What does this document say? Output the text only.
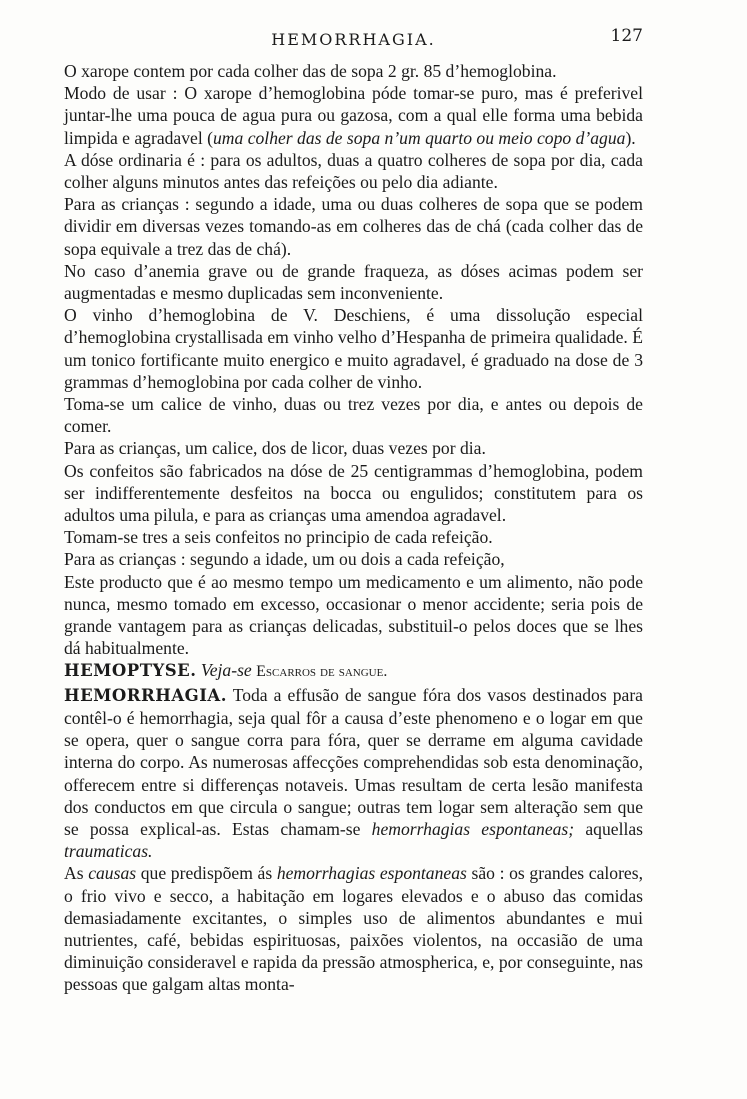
HEMORRHAGIA.	127

O xarope contem por cada colher das de sopa 2 gr. 85 d’hemoglobina.

Modo de usar : O xarope d’hemoglobina póde tomar-se puro, mas é preferivel juntar-lhe uma pouca de agua pura ou gazosa, com a qual elle forma uma bebida limpida e agradavel (uma colher das de sopa n’um quarto ou meio copo d’agua).

A dóse ordinaria é : para os adultos, duas a quatro colheres de sopa por dia, cada colher alguns minutos antes das refeições ou pelo dia adiante.

Para as crianças : segundo a idade, uma ou duas colheres de sopa que se podem dividir em diversas vezes tomando-as em colheres das de chá (cada colher das de sopa equivale a trez das de chá).

No caso d’anemia grave ou de grande fraqueza, as dóses acimas podem ser augmentadas e mesmo duplicadas sem inconveniente.

O vinho d’hemoglobina de V. Deschiens, é uma dissolução especial d’hemoglobina crystallisada em vinho velho d’Hespanha de primeira qualidade. É um tonico fortificante muito energico e muito agradavel, é graduado na dose de 3 grammas d’hemoglobina por cada colher de vinho.

Toma-se um calice de vinho, duas ou trez vezes por dia, e antes ou depois de comer.

Para as crianças, um calice, dos de licor, duas vezes por dia.

Os confeitos são fabricados na dóse de 25 centigrammas d’hemoglobina, podem ser indifferentemente desfeitos na bocca ou engulidos; constitutem para os adultos uma pilula, e para as crianças uma amendoa agradavel.

Tomam-se tres a seis confeitos no principio de cada refeição.

Para as crianças : segundo a idade, um ou dois a cada refeição,

Este producto que é ao mesmo tempo um medicamento e um alimento, não pode nunca, mesmo tomado em excesso, occasionar o menor accidente; seria pois de grande vantagem para as crianças delicadas, substituil-o pelos doces que se lhes dá habitualmente.

HEMOPTYSE. Veja-se Escarros de sangue.

HEMORRHAGIA. Toda a effusão de sangue fóra dos vasos destinados para contêl-o é hemorrhagia, seja qual fôr a causa d’este phenomeno e o logar em que se opera, quer o sangue corra para fóra, quer se derrame em alguma cavidade interna do corpo. As numerosas affecções comprehendidas sob esta denominação, offerecem entre si differenças notaveis. Umas resultam de certa lesão manifesta dos conductos em que circula o sangue; outras tem logar sem alteração sem que se possa explical-as. Estas chamam-se hemorrhagias espontaneas; aquellas traumaticas.

As causas que predispõem ás hemorrhagias espontaneas são : os grandes calores, o frio vivo e secco, a habitação em logares elevados e o abuso das comidas demasiadamente excitantes, o simples uso de alimentos abundantes e mui nutrientes, café, bebidas espirituosas, paixões violentos, na occasião de uma diminuição consideravel e rapida da pressão atmospherica, e, por conseguinte, nas pessoas que galgam altas monta-
